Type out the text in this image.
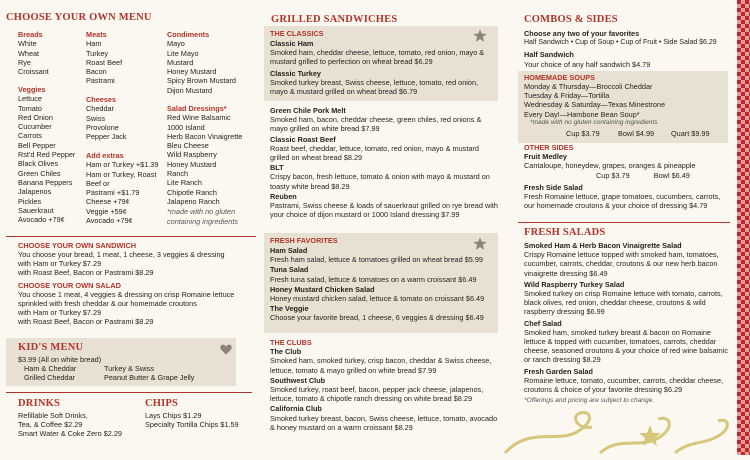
CHOOSE YOUR OWN MENU
Breads
White
Wheat
Rye
Croissant
Meats
Ham
Turkey
Roast Beef
Bacon
Pastrami
Condiments
Mayo
Lite Mayo
Mustard
Honey Mustard
Spicy Brown Mustard
Dijon Mustard
Veggies
Lettuce
Tomato
Red Onion
Cucumber
Carrots
Bell Pepper
Rst'd Red Pepper
Black Olives
Green Chiles
Banana Peppers
Jalapenos
Pickles
Sauerkraut
Avocado +79¢
Cheeses
Cheddar
Swiss
Provolone
Pepper Jack
Add extras
Ham or Turkey +$1.39
Ham or Turkey, Roast Beef or
Pastrami +$1.79
Cheese +79¢
Veggie +59¢
Avocado +79¢
Salad Dressings*
Red Wine Balsamic
1000 Island
Herb Bacon Vinaigrette
Bleu Cheese
Wild Raspberry
Honey Mustard
Ranch
Lite Ranch
Chipotle Ranch
Jalapeno Ranch
*made with no gluten containing ingredients
CHOOSE YOUR OWN SANDWICH
You choose your bread, 1 meat, 1 cheese, 3 veggies & dressing
with Ham or Turkey $7.29
with Roast Beef, Bacon or Pastrami $8.29
CHOOSE YOUR OWN SALAD
You choose 1 meat, 4 veggies & dressing on crisp Romaine lettuce
sprinkled with fresh cheddar & our homemade croutons
with Ham or Turkey $7.29
with Roast Beef, Bacon or Pastrami $8.29
KID'S MENU
$3.99 (All on white bread)
Ham & Cheddar	Turkey & Swiss
Grilled Cheddar	Peanut Butter & Grape Jelly
DRINKS
Refillable Soft Drinks,
Tea, & Coffee $2.29
Smart Water & Coke Zero $2.29
CHIPS
Lays Chips $1.29
Specialty Tortilla Chips $1.59
GRILLED SANDWICHES
THE CLASSICS
Classic Ham
Smoked ham, cheddar cheese, lettuce, tomato, red onion, mayo & mustard grilled to perfection on wheat bread $6.29
Classic Turkey
Smoked turkey breast, Swiss cheese, lettuce, tomato, red onion, mayo & mustard grilled on wheat bread $6.79
Green Chile Pork Melt
Smoked ham, bacon, cheddar cheese, green chiles, red onions & mayo grilled on white bread $7.99
Classic Roast Beef
Roast beef, cheddar, lettuce, tomato, red onion, mayo & mustard grilled on wheat bread $8.29
BLT
Crispy bacon, fresh lettuce, tomato & onion with mayo & mustard on toasty white bread $8.29
Reuben
Pastrami, Swiss cheese & loads of sauerkraut grilled on rye bread with your choice of dijon mustard or 1000 Island dressing $7.99
FRESH FAVORITES
Ham Salad
Fresh ham salad, lettuce & tomatoes grilled on wheat bread $5.99
Tuna Salad
Fresh tuna salad, lettuce & tomatoes on a warm croissant $6.49
Honey Mustard Chicken Salad
Honey mustard chicken salad, lettuce & tomato on croissant $6.49
The Veggie
Choose your favorite bread, 1 cheese, 6 veggies & dressing $6.49
THE CLUBS
The Club
Smoked ham, smoked turkey, crisp bacon, cheddar & Swiss cheese, lettuce, tomato & mayo grilled on white bread $7.99
Southwest Club
Smoked turkey, roast beef, bacon, pepper jack cheese, jalapenos, lettuce, tomato & chipotle ranch dressing on white bread $8.29
California Club
Smoked turkey breast, bacon, Swiss cheese, lettuce, tomato, avocado & honey mustard on a warm croissant $8.29
COMBOS & SIDES
Choose any two of your favorites
Half Sandwich • Cup of Soup • Cup of Fruit • Side Salad $6.29
Half Sandwich
Your choice of any half sandwich $4.79
HOMEMADE SOUPS
Monday & Thursday—Broccoli Cheddar
Tuesday & Friday—Tortilla
Wednesday & Saturday—Texas Minestrone
Every Day!—Hambone Bean Soup*
*made with no gluten containing ingredients
Cup $3.79	Bowl $4.99 Quart $9.99
OTHER SIDES
Fruit Medley
Cantaloupe, honeydew, grapes, oranges & pineapple
Cup $3.79	Bowl $6.49
Fresh Side Salad
Fresh Romaine lettuce, grape tomatoes, cucumbers, carrots, our homemade croutons & your choice of dressing $4.79
FRESH SALADS
Smoked Ham & Herb Bacon Vinaigrette Salad
Crispy Romaine lettuce topped with smoked ham, tomatoes, cucumber, carrots, cheddar, croutons & our new herb bacon vinaigrette dressing $6.49
Wild Raspberry Turkey Salad
Smoked turkey on crisp Romaine lettuce with tomato, carrots, black olives, red onion, cheddar cheese, croutons & wild raspberry dressing $6.99
Chef Salad
Smoked ham, smoked turkey breast & bacon on Romaine lettuce & topped with cucumber, tomatoes, carrots, cheddar cheese, seasoned croutons & your choice of red wine balsamic or ranch dressing $8.29
Fresh Garden Salad
Romaine lettuce, tomato, cucumber, carrots, cheddar cheese, croutons & choice of your favorite dressing $6.29
*Offerings and pricing are subject to change.
